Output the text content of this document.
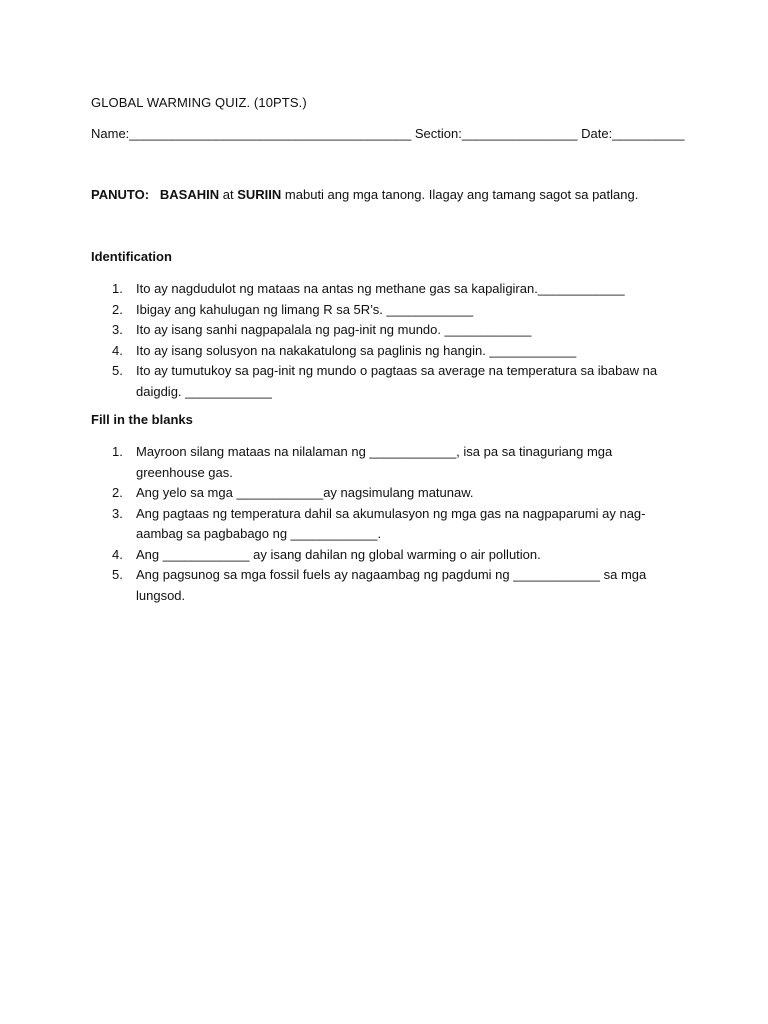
GLOBAL WARMING QUIZ. (10PTS.)
Name:_______________________________________ Section:________________ Date:__________
PANUTO: BASAHIN at SURIIN mabuti ang mga tanong. Ilagay ang tamang sagot sa patlang.
Identification
1. Ito ay nagdudulot ng mataas na antas ng methane gas sa kapaligiran.____________
2. Ibigay ang kahulugan ng limang R sa 5R’s. ____________
3. Ito ay isang sanhi nagpapalala ng pag-init ng mundo. ____________
4. Ito ay isang solusyon na nakakatulong sa paglinis ng hangin. ____________
5. Ito ay tumutukoy sa pag-init ng mundo o pagtaas sa average na temperatura sa ibabaw na daigdig. ____________
Fill in the blanks
1. Mayroon silang mataas na nilalaman ng ____________, isa pa sa tinaguriang mga greenhouse gas.
2. Ang yelo sa mga ____________ay nagsimulang matunaw.
3. Ang pagtaas ng temperatura dahil sa akumulasyon ng mga gas na nagpaparumi ay nag-aambag sa pagbabago ng ____________.
4. Ang ____________ ay isang dahilan ng global warming o air pollution.
5. Ang pagsunog sa mga fossil fuels ay nagaambag ng pagdumi ng ____________ sa mga lungsod.
